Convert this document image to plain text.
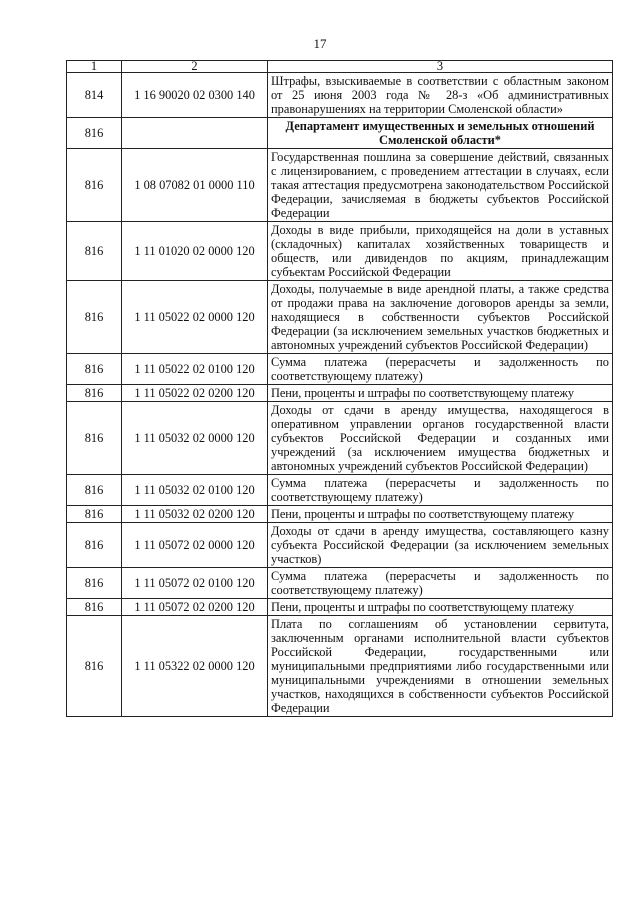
17
1	2	3
814	1 16 90020 02 0300 140	Штрафы, взыскиваемые в соответствии с областным законом от 25 июня 2003 года № 28-з «Об административных правонарушениях на территории Смоленской области»
816		Департамент имущественных и земельных отношений Смоленской области*
816	1 08 07082 01 0000 110	Государственная пошлина за совершение действий, связанных с лицензированием, с проведением аттестации в случаях, если такая аттестация предусмотрена законодательством Российской Федерации, зачисляемая в бюджеты субъектов Российской Федерации
816	1 11 01020 02 0000 120	Доходы в виде прибыли, приходящейся на доли в уставных (складочных) капиталах хозяйственных товариществ и обществ, или дивидендов по акциям, принадлежащим субъектам Российской Федерации
816	1 11 05022 02 0000 120	Доходы, получаемые в виде арендной платы, а также средства от продажи права на заключение договоров аренды за земли, находящиеся в собственности субъектов Российской Федерации (за исключением земельных участков бюджетных и автономных учреждений субъектов Российской Федерации)
816	1 11 05022 02 0100 120	Сумма платежа (перерасчеты и задолженность по соответствующему платежу)
816	1 11 05022 02 0200 120	Пени, проценты и штрафы по соответствующему платежу
816	1 11 05032 02 0000 120	Доходы от сдачи в аренду имущества, находящегося в оперативном управлении органов государственной власти субъектов Российской Федерации и созданных ими учреждений (за исключением имущества бюджетных и автономных учреждений субъектов Российской Федерации)
816	1 11 05032 02 0100 120	Сумма платежа (перерасчеты и задолженность по соответствующему платежу)
816	1 11 05032 02 0200 120	Пени, проценты и штрафы по соответствующему платежу
816	1 11 05072 02 0000 120	Доходы от сдачи в аренду имущества, составляющего казну субъекта Российской Федерации (за исключением земельных участков)
816	1 11 05072 02 0100 120	Сумма платежа (перерасчеты и задолженность по соответствующему платежу)
816	1 11 05072 02 0200 120	Пени, проценты и штрафы по соответствующему платежу
816	1 11 05322 02 0000 120	Плата по соглашениям об установлении сервитута, заключенным органами исполнительной власти субъектов Российской Федерации, государственными или муниципальными предприятиями либо государственными или муниципальными учреждениями в отношении земельных участков, находящихся в собственности субъектов Российской Федерации
